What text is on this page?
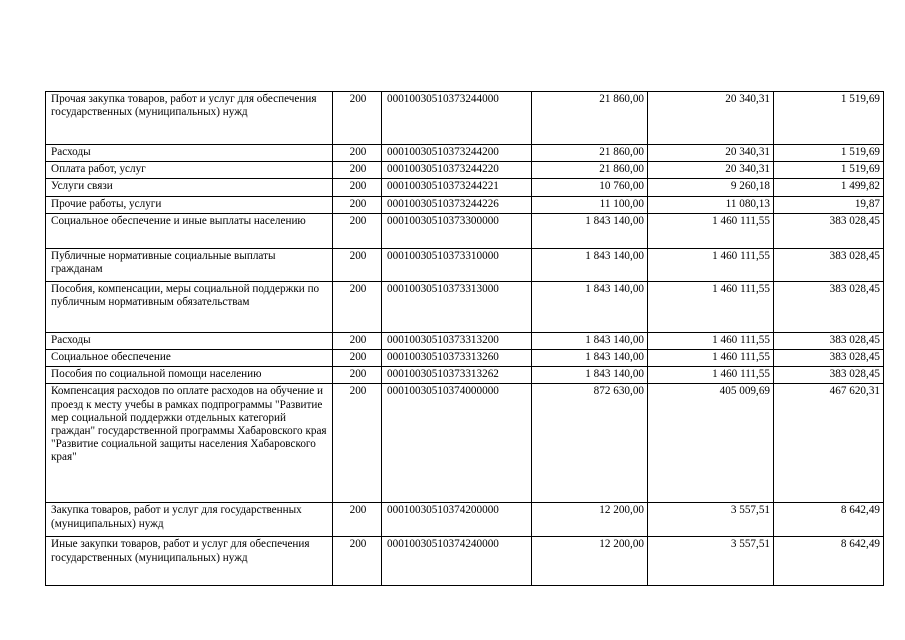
Прочая закупка товаров, работ и услуг для обеспечения государственных (муниципальных) нужд	200	00010030510373244000	21 860,00	20 340,31	1 519,69
Расходы	200	00010030510373244200	21 860,00	20 340,31	1 519,69
Оплата работ, услуг	200	00010030510373244220	21 860,00	20 340,31	1 519,69
Услуги связи	200	00010030510373244221	10 760,00	9 260,18	1 499,82
Прочие работы, услуги	200	00010030510373244226	11 100,00	11 080,13	19,87
Социальное обеспечение и иные выплаты населению	200	00010030510373300000	1 843 140,00	1 460 111,55	383 028,45
Публичные нормативные социальные выплаты гражданам	200	00010030510373310000	1 843 140,00	1 460 111,55	383 028,45
Пособия, компенсации, меры социальной поддержки по публичным нормативным обязательствам	200	00010030510373313000	1 843 140,00	1 460 111,55	383 028,45
Расходы	200	00010030510373313200	1 843 140,00	1 460 111,55	383 028,45
Социальное обеспечение	200	00010030510373313260	1 843 140,00	1 460 111,55	383 028,45
Пособия по социальной помощи населению	200	00010030510373313262	1 843 140,00	1 460 111,55	383 028,45
Компенсация расходов по оплате расходов на обучение и проезд к месту учебы в рамках подпрограммы "Развитие мер социальной поддержки отдельных категорий граждан" государственной программы Хабаровского края "Развитие социальной защиты населения Хабаровского края"	200	00010030510374000000	872 630,00	405 009,69	467 620,31
Закупка товаров, работ и услуг для государственных (муниципальных) нужд	200	00010030510374200000	12 200,00	3 557,51	8 642,49
Иные закупки товаров, работ и услуг для обеспечения государственных (муниципальных) нужд	200	00010030510374240000	12 200,00	3 557,51	8 642,49
